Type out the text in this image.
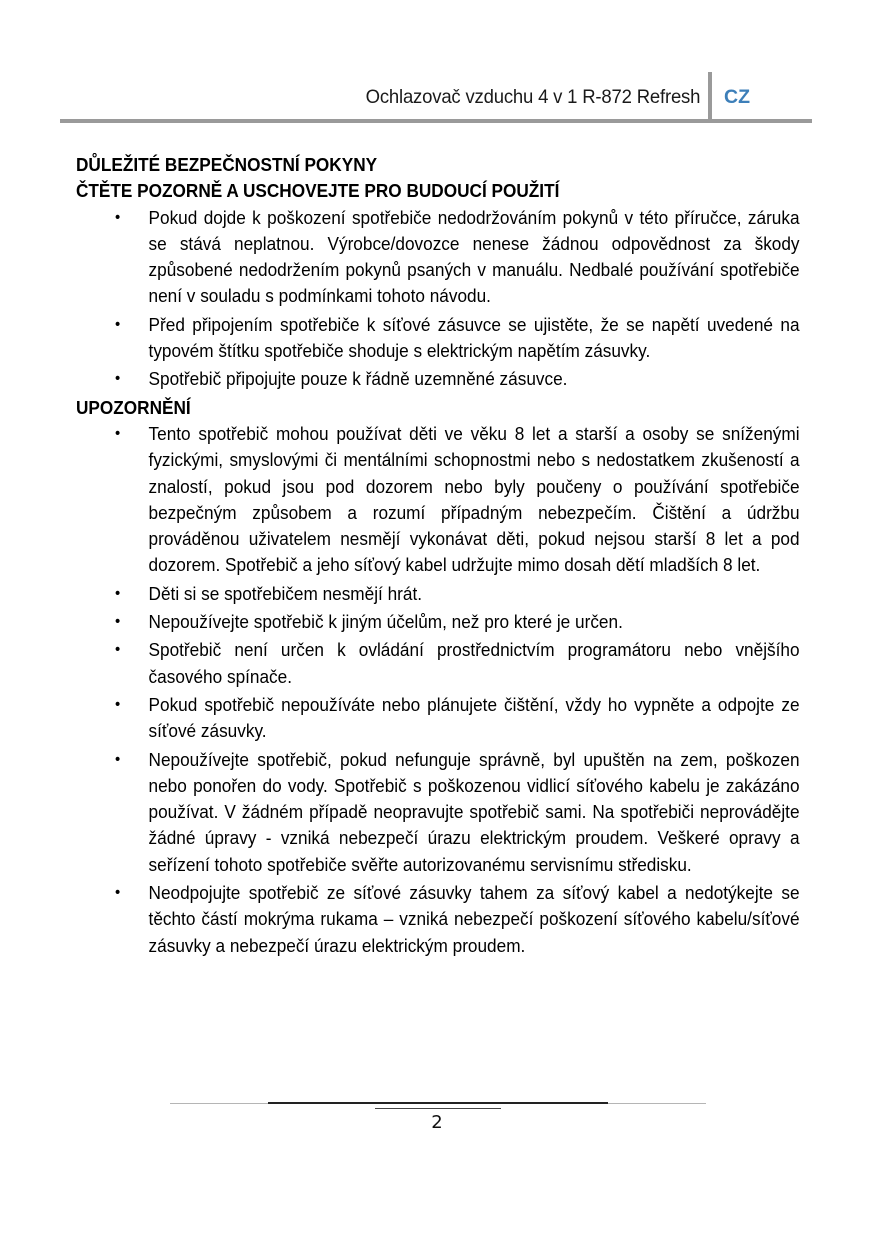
Ochlazovač vzduchu 4 v 1 R-872 Refresh CZ
DŮLEŽITÉ BEZPEČNOSTNÍ POKYNY
ČTĚTE POZORNĚ A USCHOVEJTE PRO BUDOUCÍ POUŽITÍ
• Pokud dojde k poškození spotřebiče nedodržováním pokynů v této příručce, záruka se stává neplatnou. Výrobce/dovozce nenese žádnou odpovědnost za škody způsobené nedodržením pokynů psaných v manuálu. Nedbalé používání spotřebiče není v souladu s podmínkami tohoto návodu.
• Před připojením spotřebiče k síťové zásuvce se ujistěte, že se napětí uvedené na typovém štítku spotřebiče shoduje s elektrickým napětím zásuvky.
• Spotřebič připojujte pouze k řádně uzemněné zásuvce.
UPOZORNĚNÍ
• Tento spotřebič mohou používat děti ve věku 8 let a starší a osoby se sníženými fyzickými, smyslovými či mentálními schopnostmi nebo s nedostatkem zkušeností a znalostí, pokud jsou pod dozorem nebo byly poučeny o používání spotřebiče bezpečným způsobem a rozumí případným nebezpečím. Čištění a údržbu prováděnou uživatelem nesmějí vykonávat děti, pokud nejsou starší 8 let a pod dozorem. Spotřebič a jeho síťový kabel udržujte mimo dosah dětí mladších 8 let.
• Děti si se spotřebičem nesmějí hrát.
• Nepoužívejte spotřebič k jiným účelům, než pro které je určen.
• Spotřebič není určen k ovládání prostřednictvím programátoru nebo vnějšího časového spínače.
• Pokud spotřebič nepoužíváte nebo plánujete čištění, vždy ho vypněte a odpojte ze síťové zásuvky.
• Nepoužívejte spotřebič, pokud nefunguje správně, byl upuštěn na zem, poškozen nebo ponořen do vody. Spotřebič s poškozenou vidlicí síťového kabelu je zakázáno používat. V žádném případě neopravujte spotřebič sami. Na spotřebiči neprovádějte žádné úpravy - vzniká nebezpečí úrazu elektrickým proudem. Veškeré opravy a seřízení tohoto spotřebiče svěřte autorizovanému servisnímu středisku.
• Neodpojujte spotřebič ze síťové zásuvky tahem za síťový kabel a nedotýkejte se těchto částí mokrýma rukama – vzniká nebezpečí poškození síťového kabelu/síťové zásuvky a nebezpečí úrazu elektrickým proudem.
2
